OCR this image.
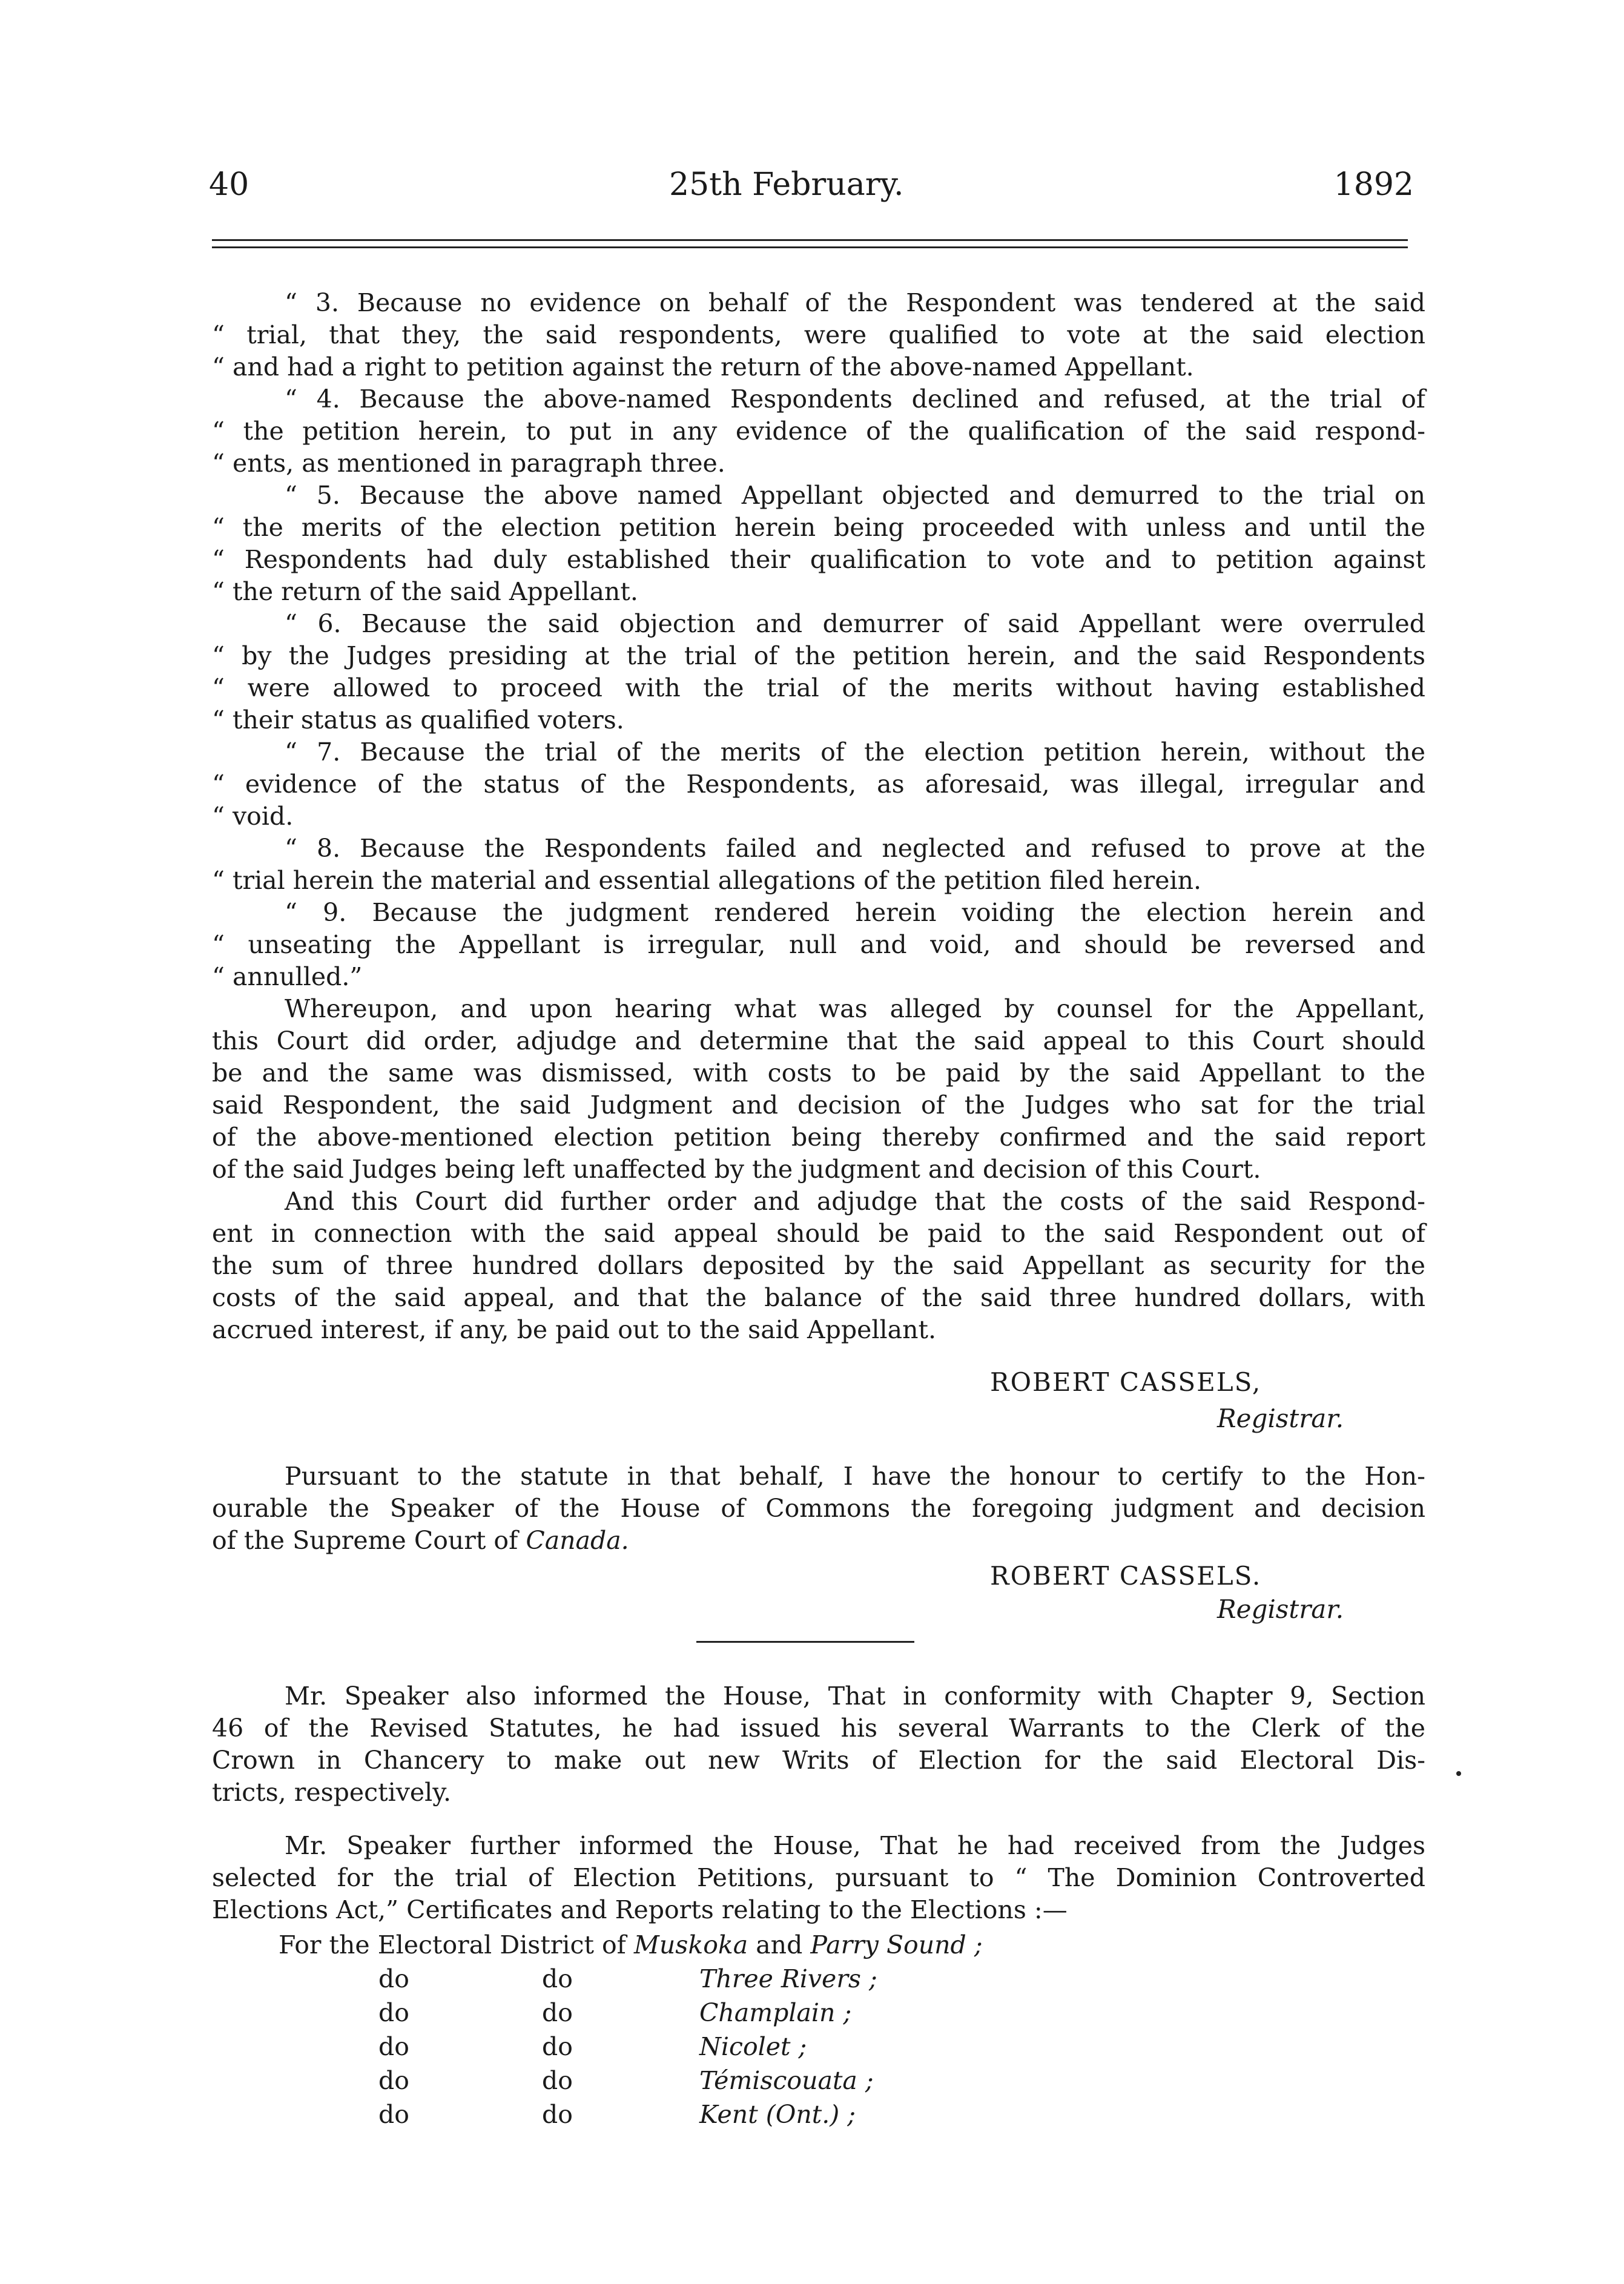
40	25th February.	1892
“ 3. Because no evidence on behalf of the Respondent was tendered at the said
“ trial, that they, the said respondents, were qualified to vote at the said election
“ and had a right to petition against the return of the above-named Appellant.
“ 4. Because the above-named Respondents declined and refused, at the trial of
“ the petition herein, to put in any evidence of the qualification of the said respond-
“ ents, as mentioned in paragraph three.
“ 5. Because the above named Appellant objected and demurred to the trial on
“ the merits of the election petition herein being proceeded with unless and until the
“ Respondents had duly established their qualification to vote and to petition against
“ the return of the said Appellant.
“ 6. Because the said objection and demurrer of said Appellant were overruled
“ by the Judges presiding at the trial of the petition herein, and the said Respondents
“ were allowed to proceed with the trial of the merits without having established
“ their status as qualified voters.
“ 7. Because the trial of the merits of the election petition herein, without the
“ evidence of the status of the Respondents, as aforesaid, was illegal, irregular and
“ void.
“ 8. Because the Respondents failed and neglected and refused to prove at the
“ trial herein the material and essential allegations of the petition filed herein.
“ 9. Because the judgment rendered herein voiding the election herein and
“ unseating the Appellant is irregular, null and void, and should be reversed and
“ annulled.”
Whereupon, and upon hearing what was alleged by counsel for the Appellant,
this Court did order, adjudge and determine that the said appeal to this Court should
be and the same was dismissed, with costs to be paid by the said Appellant to the
said Respondent, the said Judgment and decision of the Judges who sat for the trial
of the above-mentioned election petition being thereby confirmed and the said report
of the said Judges being left unaffected by the judgment and decision of this Court.
And this Court did further order and adjudge that the costs of the said Respond-
ent in connection with the said appeal should be paid to the said Respondent out of
the sum of three hundred dollars deposited by the said Appellant as security for the
costs of the said appeal, and that the balance of the said three hundred dollars, with
accrued interest, if any, be paid out to the said Appellant.
ROBERT CASSELS,
Registrar.
Pursuant to the statute in that behalf, I have the honour to certify to the Hon-
ourable the Speaker of the House of Commons the foregoing judgment and decision
of the Supreme Court of Canada.
ROBERT CASSELS.
Registrar.
Mr. Speaker also informed the House, That in conformity with Chapter 9, Section
46 of the Revised Statutes, he had issued his several Warrants to the Clerk of the
Crown in Chancery to make out new Writs of Election for the said Electoral Dis-
tricts, respectively.
Mr. Speaker further informed the House, That he had received from the Judges
selected for the trial of Election Petitions, pursuant to “ The Dominion Controverted
Elections Act,” Certificates and Reports relating to the Elections :—
For the Electoral District of Muskoka and Parry Sound ;
do	do	Three Rivers ;
do	do	Champlain ;
do	do	Nicolet ;
do	do	Témiscouata ;
do	do	Kent (Ont.) ;
